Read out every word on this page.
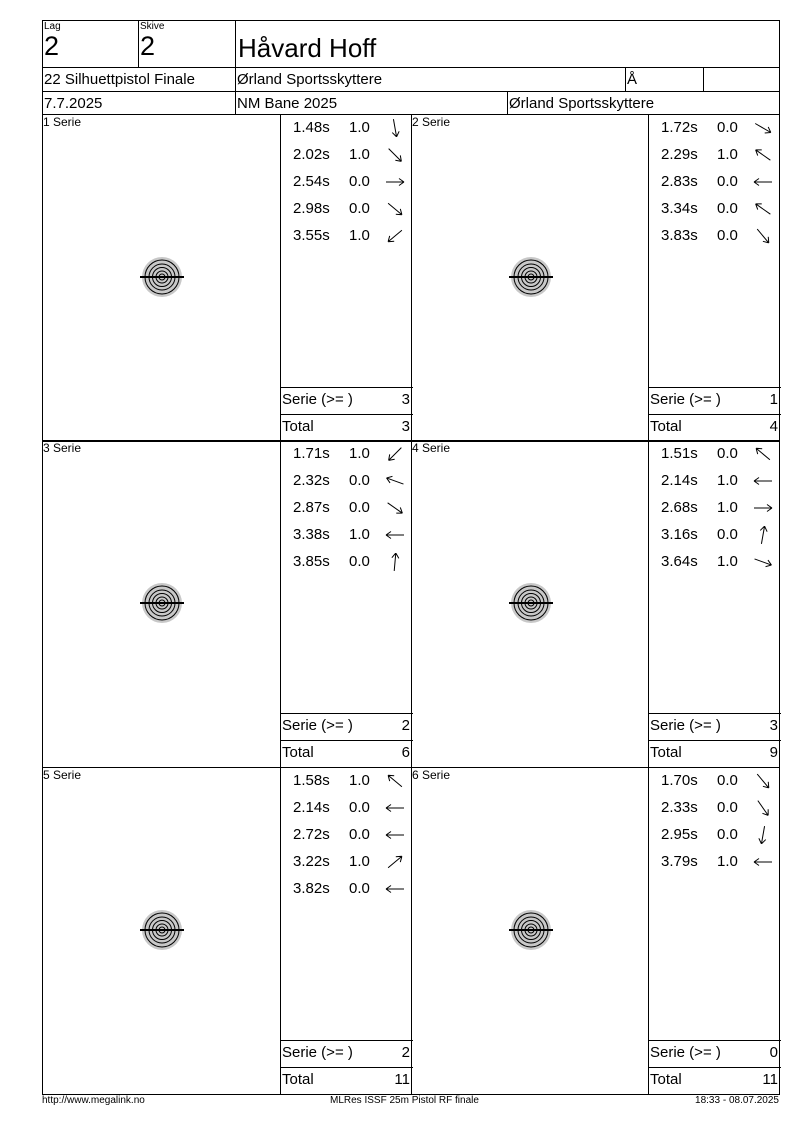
Lag
2
Skive
2	Håvard Hoff
22 Silhuettpistol Finale	Ørland Sportsskyttere	Å
7.7.2025	NM Bane 2025	Ørland Sportsskyttere
1 Serie	1.48s	1.0
2.02s	1.0
2.54s	0.0
2.98s	0.0
3.55s	1.0
Serie (>= )	3
Total	3
2 Serie	1.72s	0.0
2.29s	1.0
2.83s	0.0
3.34s	0.0
3.83s	0.0
Serie (>= )	1
Total	4
3 Serie	1.71s	1.0
2.32s	0.0
2.87s	0.0
3.38s	1.0
3.85s	0.0
Serie (>= )	2
Total	6
4 Serie	1.51s	0.0
2.14s	1.0
2.68s	1.0
3.16s	0.0
3.64s	1.0
Serie (>= )	3
Total	9
5 Serie	1.58s	1.0
2.14s	0.0
2.72s	0.0
3.22s	1.0
3.82s	0.0
Serie (>= )	2
Total	11
6 Serie	1.70s	0.0
2.33s	0.0
2.95s	0.0
3.79s	1.0
Serie (>= )	0
Total	11
http://www.megalink.no	MLRes ISSF 25m Pistol RF finale	18:33 - 08.07.2025
